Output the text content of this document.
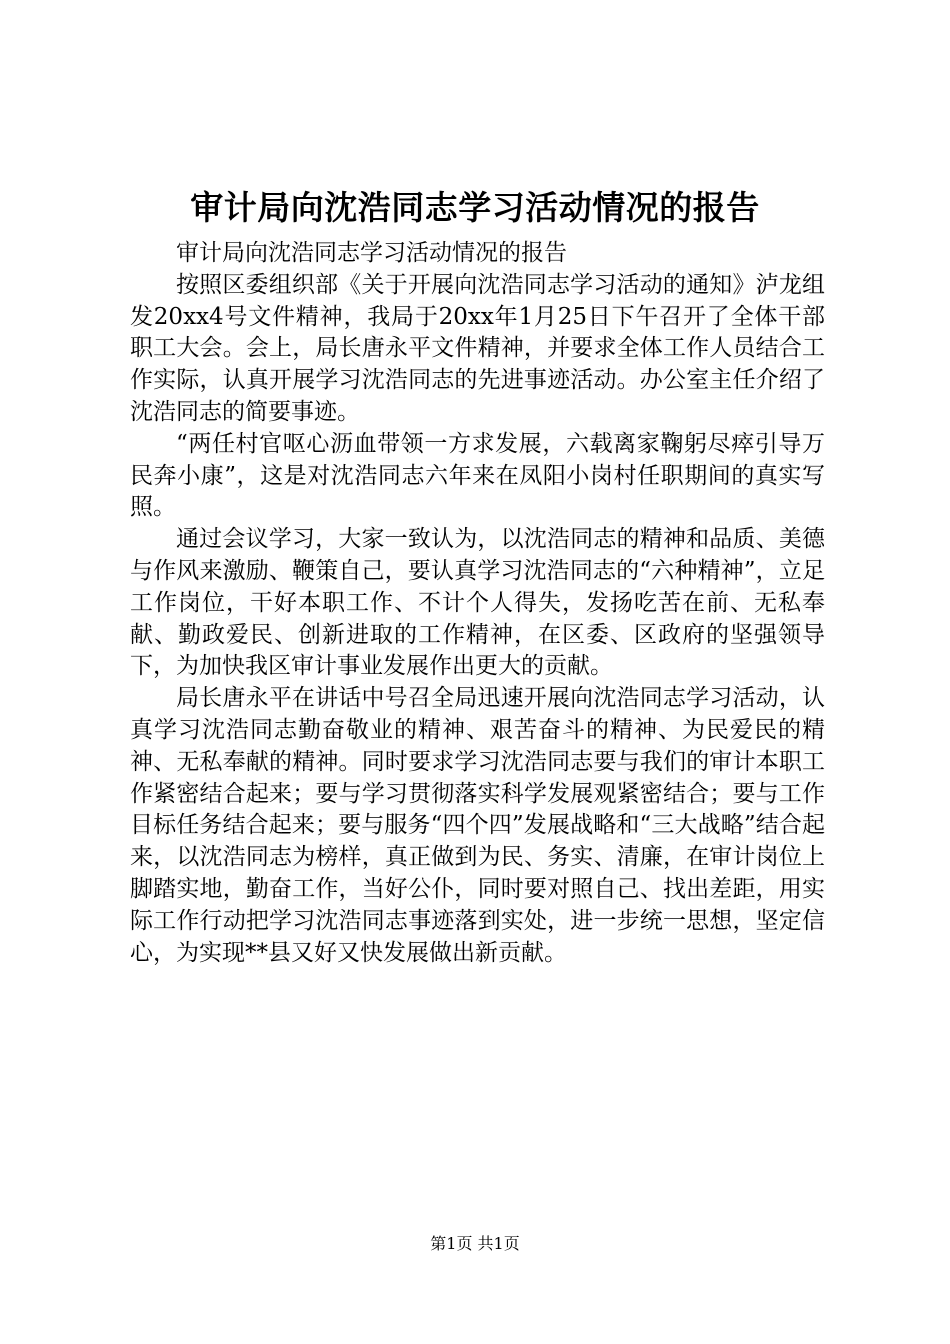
审计局向沈浩同志学习活动情况的报告

审计局向沈浩同志学习活动情况的报告

按照区委组织部《关于开展向沈浩同志学习活动的通知》泸龙组发20xx4号文件精神，我局于20xx年1月25日下午召开了全体干部职工大会。会上，局长唐永平文件精神，并要求全体工作人员结合工作实际，认真开展学习沈浩同志的先进事迹活动。办公室主任介绍了沈浩同志的简要事迹。

“两任村官呕心沥血带领一方求发展，六载离家鞠躬尽瘁引导万民奔小康”，这是对沈浩同志六年来在凤阳小岗村任职期间的真实写照。

通过会议学习，大家一致认为，以沈浩同志的精神和品质、美德与作风来激励、鞭策自己，要认真学习沈浩同志的“六种精神”，立足工作岗位，干好本职工作、不计个人得失，发扬吃苦在前、无私奉献、勤政爱民、创新进取的工作精神，在区委、区政府的坚强领导下，为加快我区审计事业发展作出更大的贡献。

局长唐永平在讲话中号召全局迅速开展向沈浩同志学习活动，认真学习沈浩同志勤奋敬业的精神、艰苦奋斗的精神、为民爱民的精神、无私奉献的精神。同时要求学习沈浩同志要与我们的审计本职工作紧密结合起来；要与学习贯彻落实科学发展观紧密结合；要与工作目标任务结合起来；要与服务“四个四”发展战略和“三大战略”结合起来，以沈浩同志为榜样，真正做到为民、务实、清廉，在审计岗位上脚踏实地，勤奋工作，当好公仆，同时要对照自己、找出差距，用实际工作行动把学习沈浩同志事迹落到实处，进一步统一思想，坚定信心，为实现**县又好又快发展做出新贡献。

第1页 共1页
